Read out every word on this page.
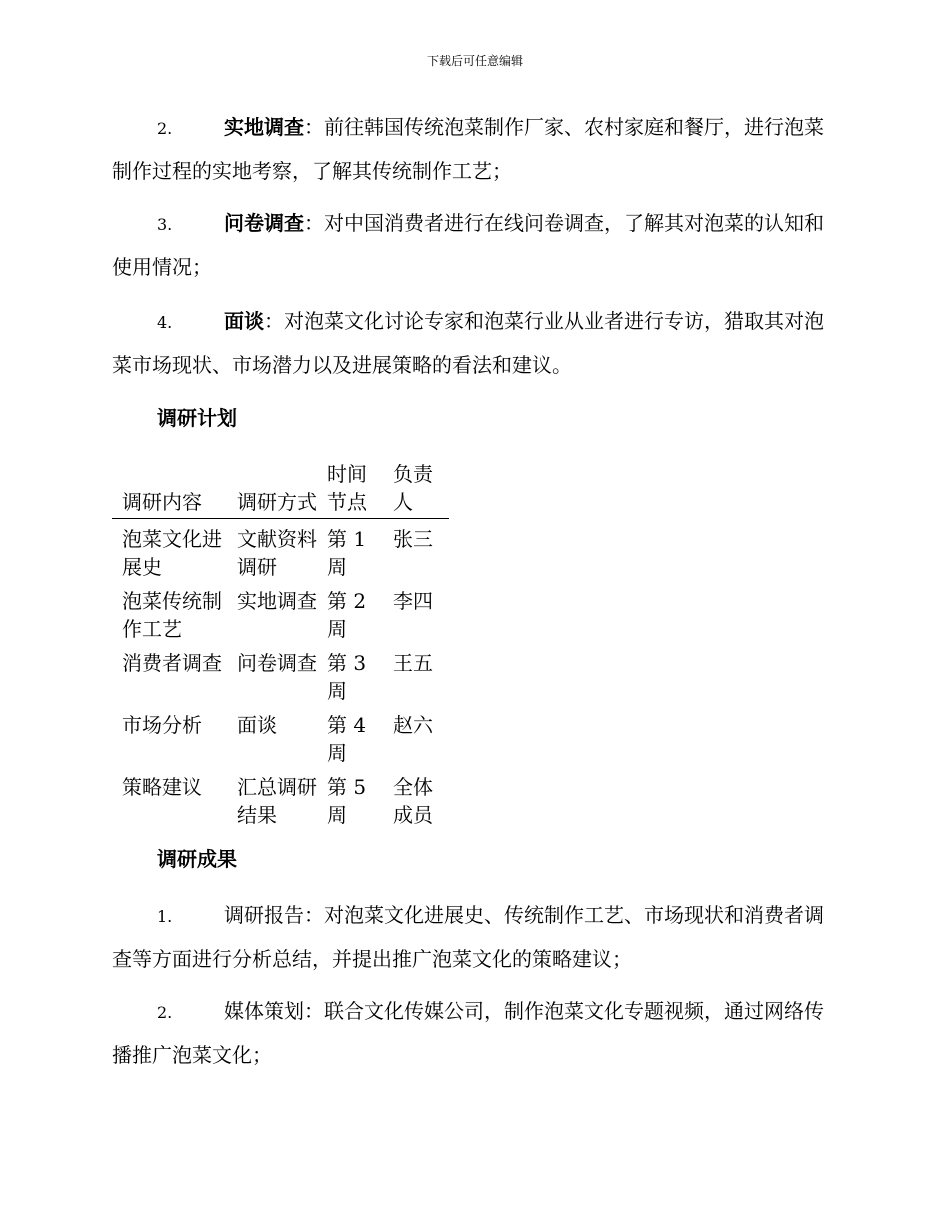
下载后可任意编辑

2.	实地调查：前往韩国传统泡菜制作厂家、农村家庭和餐厅，进行泡菜制作过程的实地考察，了解其传统制作工艺；

3.	问卷调查：对中国消费者进行在线问卷调查，了解其对泡菜的认知和使用情况；

4.	面谈：对泡菜文化讨论专家和泡菜行业从业者进行专访，猎取其对泡菜市场现状、市场潜力以及进展策略的看法和建议。

调研计划
调研内容	调研方式	时间节点	负责人
泡菜文化进展史	文献资料调研	第 1 周	张三
泡菜传统制作工艺	实地调查	第 2 周	李四
消费者调查	问卷调查	第 3 周	王五
市场分析	面谈	第 4 周	赵六
策略建议	汇总调研结果	第 5 周	全体成员
调研成果

1.	调研报告：对泡菜文化进展史、传统制作工艺、市场现状和消费者调查等方面进行分析总结，并提出推广泡菜文化的策略建议；

2.	媒体策划：联合文化传媒公司，制作泡菜文化专题视频，通过网络传播推广泡菜文化；
